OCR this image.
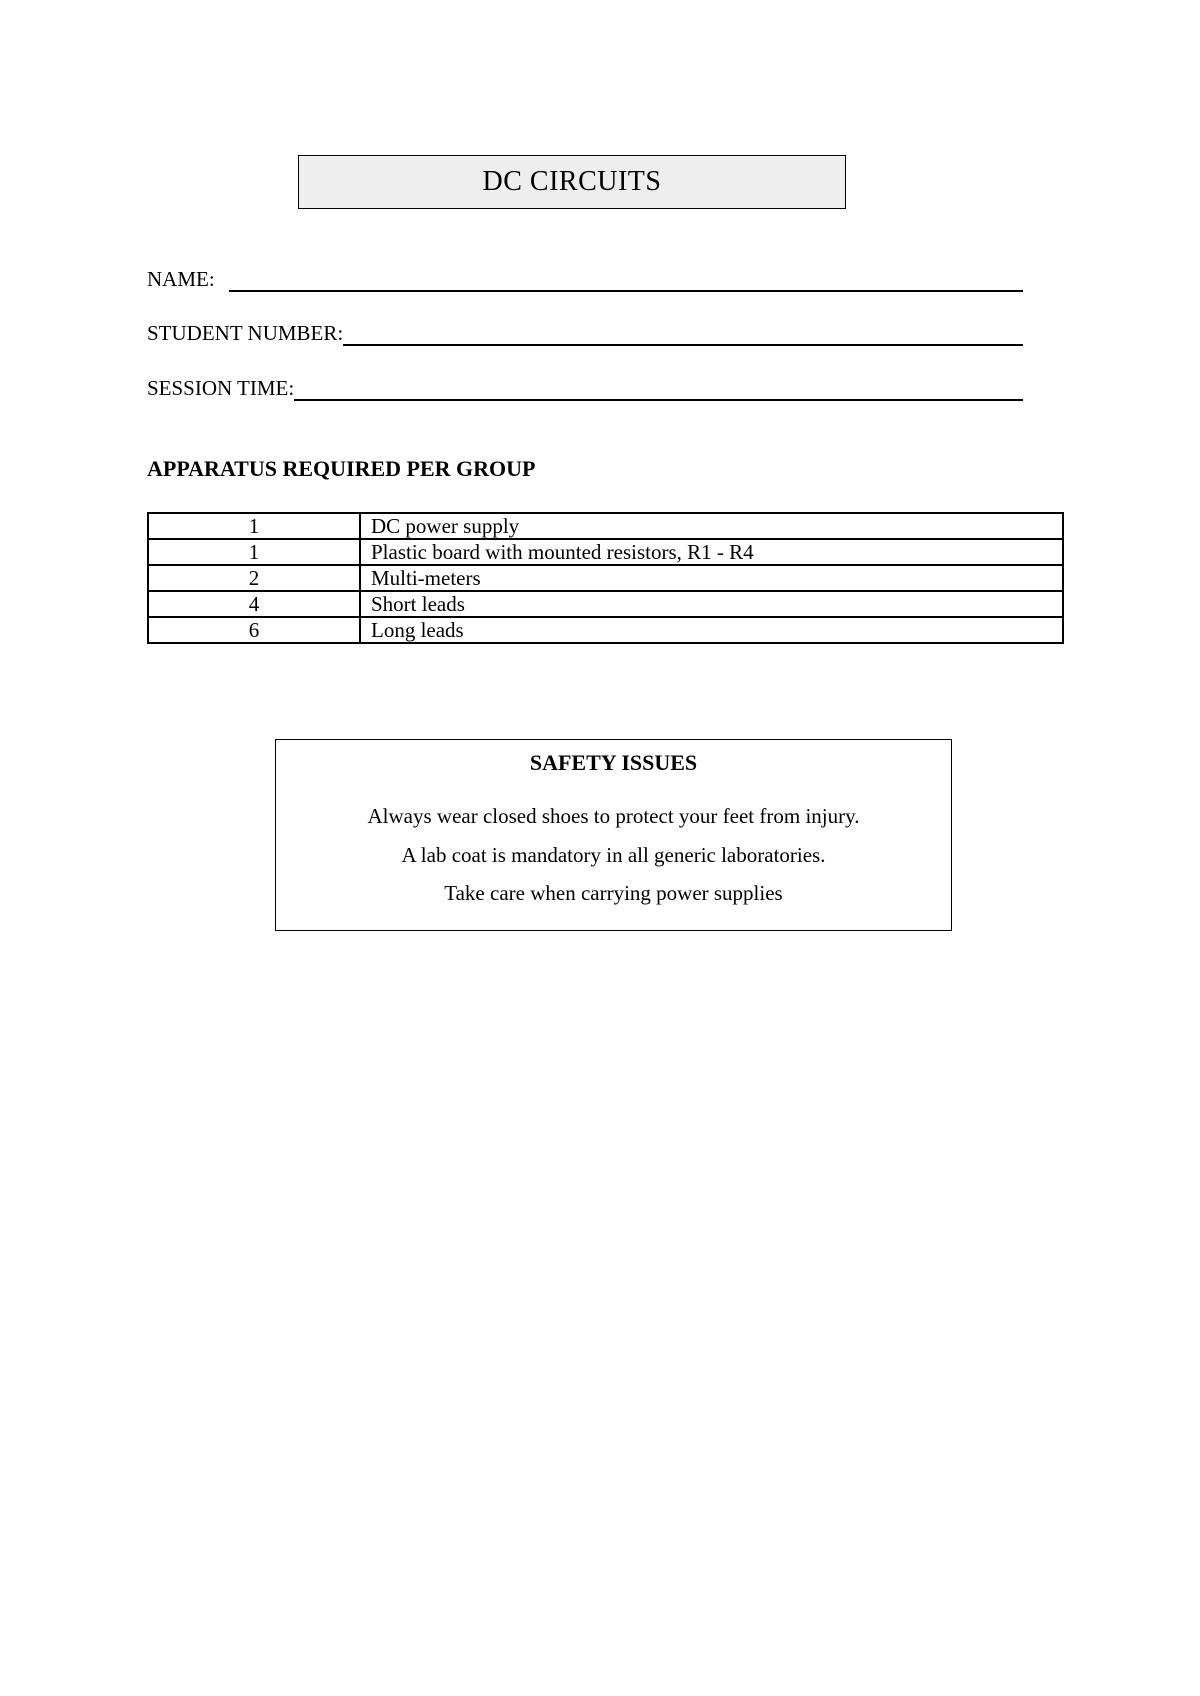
DC CIRCUITS
NAME:
STUDENT NUMBER:
SESSION TIME:
APPARATUS REQUIRED PER GROUP
1	DC power supply
1	Plastic board with mounted resistors, R1 - R4
2	Multi-meters
4	Short leads
6	Long leads
SAFETY ISSUES
Always wear closed shoes to protect your feet from injury.
A lab coat is mandatory in all generic laboratories.
Take care when carrying power supplies
